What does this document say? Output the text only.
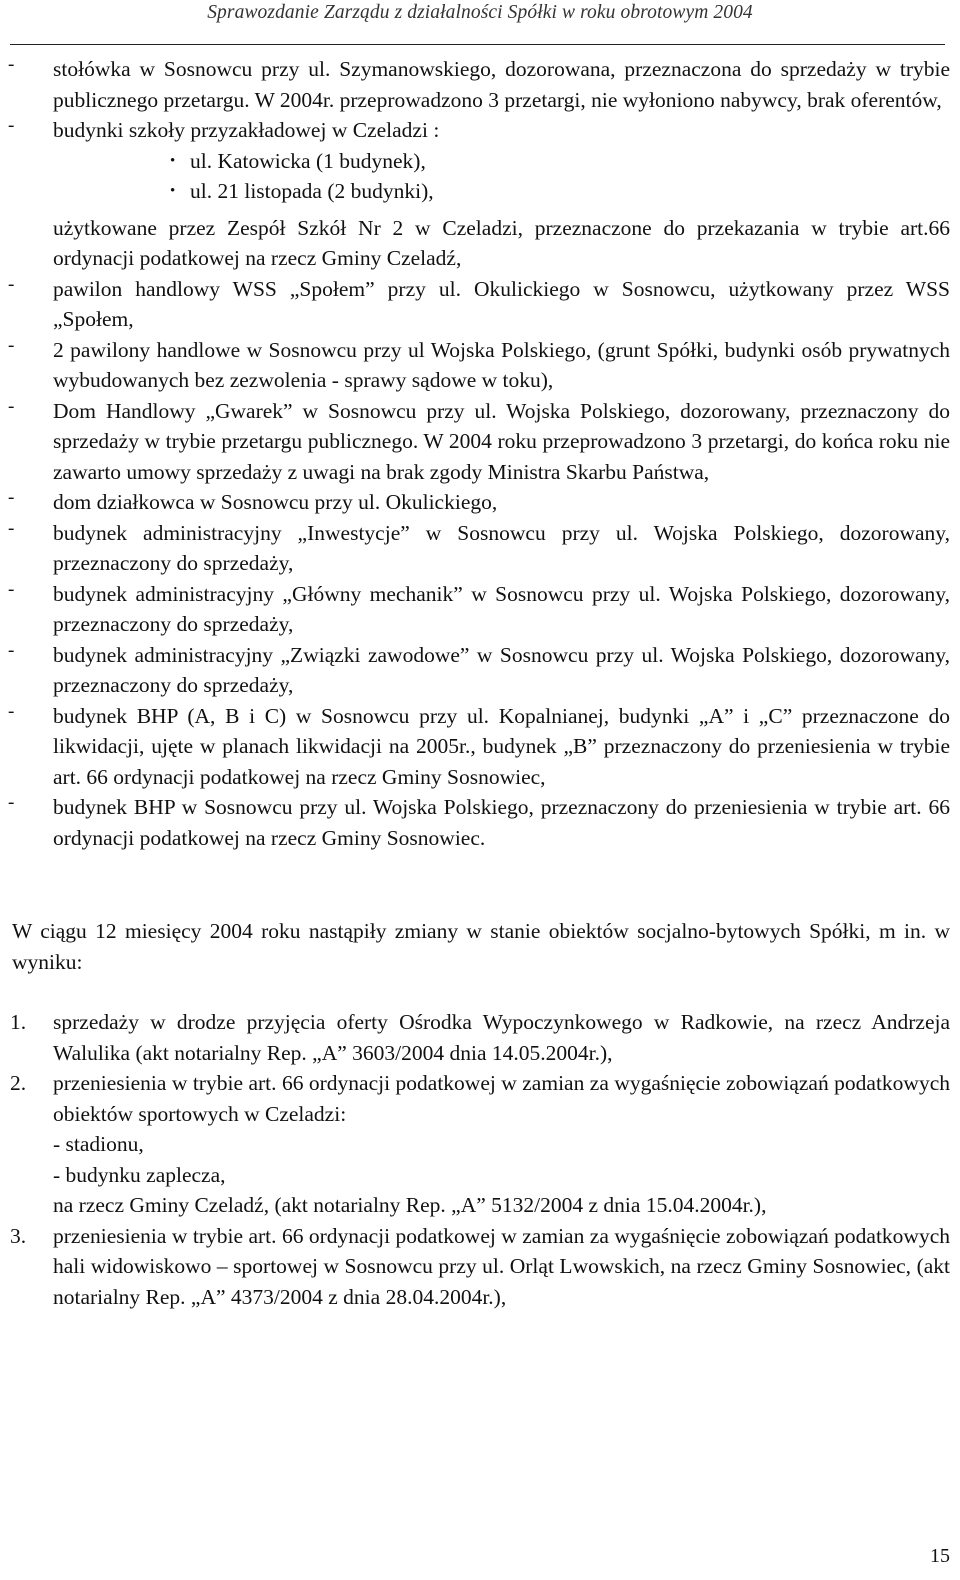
Sprawozdanie Zarządu z działalności Spółki w roku obrotowym 2004
- stołówka w Sosnowcu przy ul. Szymanowskiego, dozorowana, przeznaczona do sprzedaży w trybie publicznego przetargu. W 2004r. przeprowadzono 3 przetargi, nie wyłoniono nabywcy, brak oferentów,
- budynki szkoły przyzakładowej w Czeladzi :
• ul. Katowicka (1 budynek),
• ul. 21 listopada (2 budynki),
użytkowane przez Zespół Szkół Nr 2 w Czeladzi, przeznaczone do przekazania w trybie art.66 ordynacji podatkowej na rzecz Gminy Czeladź,
- pawilon handlowy WSS „Społem” przy ul. Okulickiego w Sosnowcu, użytkowany przez WSS „Społem,
- 2 pawilony handlowe w Sosnowcu przy ul Wojska Polskiego, (grunt Spółki, budynki osób prywatnych wybudowanych bez zezwolenia - sprawy sądowe w toku),
- Dom Handlowy „Gwarek” w Sosnowcu przy ul. Wojska Polskiego, dozorowany, przeznaczony do sprzedaży w trybie przetargu publicznego. W 2004 roku przeprowadzono 3 przetargi, do końca roku nie zawarto umowy sprzedaży z uwagi na brak zgody Ministra Skarbu Państwa,
- dom działkowca w Sosnowcu przy ul. Okulickiego,
- budynek administracyjny „Inwestycje” w Sosnowcu przy ul. Wojska Polskiego, dozorowany, przeznaczony do sprzedaży,
- budynek administracyjny „Główny mechanik” w Sosnowcu przy ul. Wojska Polskiego, dozorowany, przeznaczony do sprzedaży,
- budynek administracyjny „Związki zawodowe” w Sosnowcu przy ul. Wojska Polskiego, dozorowany, przeznaczony do sprzedaży,
- budynek BHP (A, B i C) w Sosnowcu przy ul. Kopalnianej, budynki „A” i „C” przeznaczone do likwidacji, ujęte w planach likwidacji na 2005r., budynek „B” przeznaczony do przeniesienia w trybie art. 66 ordynacji podatkowej na rzecz Gminy Sosnowiec,
- budynek BHP w Sosnowcu przy ul. Wojska Polskiego, przeznaczony do przeniesienia w trybie art. 66 ordynacji podatkowej na rzecz Gminy Sosnowiec.
W ciągu 12 miesięcy 2004 roku nastąpiły zmiany w stanie obiektów socjalno-bytowych Spółki, m in. w wyniku:
1. sprzedaży w drodze przyjęcia oferty Ośrodka Wypoczynkowego w Radkowie, na rzecz Andrzeja Walulika (akt notarialny Rep. „A” 3603/2004 dnia 14.05.2004r.),
2. przeniesienia w trybie art. 66 ordynacji podatkowej w zamian za wygaśnięcie zobowiązań podatkowych obiektów sportowych w Czeladzi:
- stadionu,
- budynku zaplecza,
na rzecz Gminy Czeladź, (akt notarialny Rep. „A” 5132/2004 z dnia 15.04.2004r.),
3. przeniesienia w trybie art. 66 ordynacji podatkowej w zamian za wygaśnięcie zobowiązań podatkowych hali widowiskowo – sportowej w Sosnowcu przy ul. Orląt Lwowskich, na rzecz Gminy Sosnowiec, (akt notarialny Rep. „A” 4373/2004 z dnia 28.04.2004r.),
15
